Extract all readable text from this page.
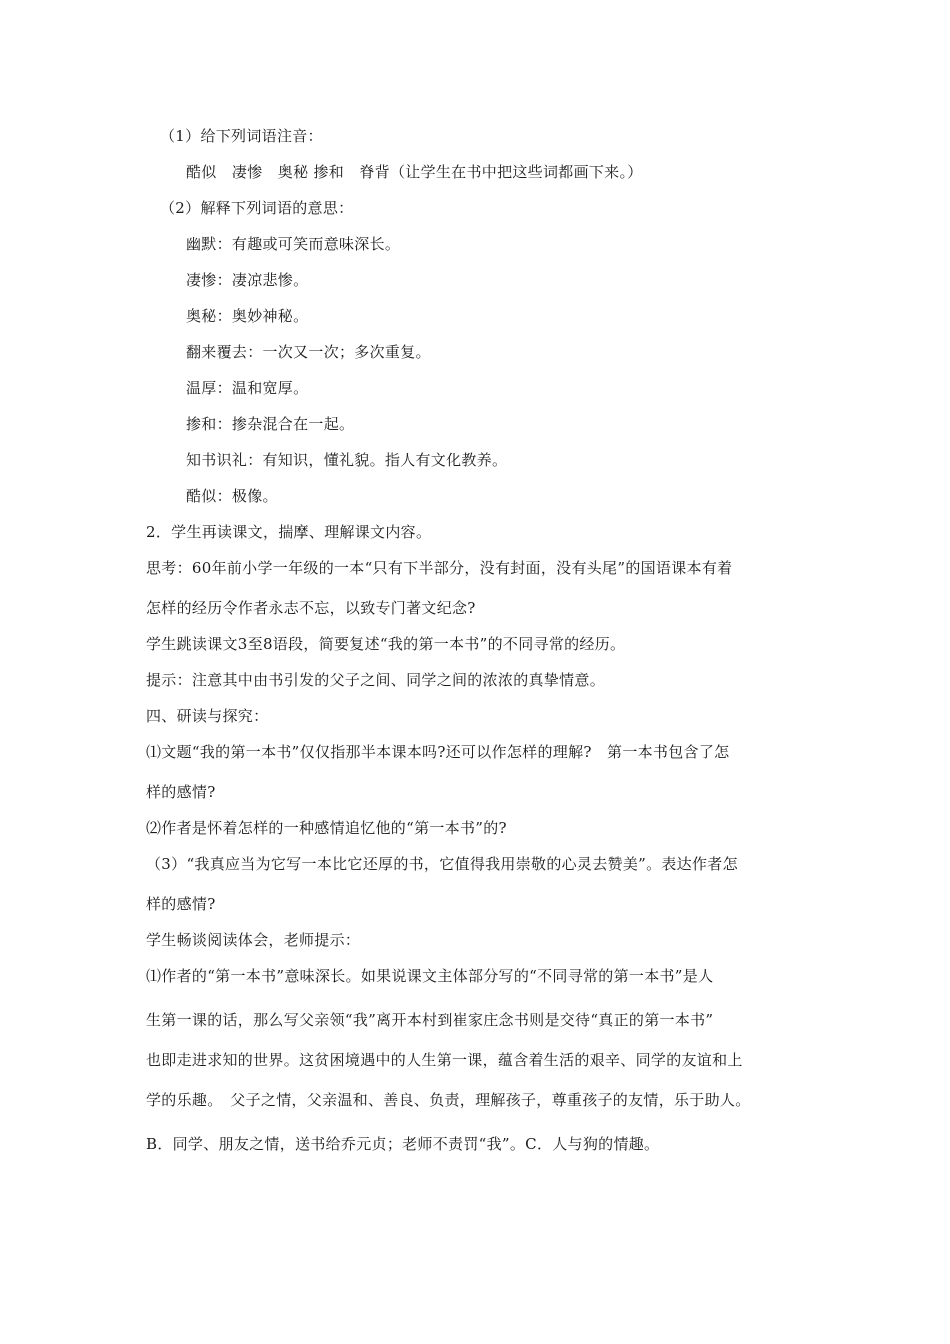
（1）给下列词语注音：
酷似　凄惨　奥秘 掺和　脊背（让学生在书中把这些词都画下来。）
（2）解释下列词语的意思：
幽默：有趣或可笑而意味深长。
凄惨：凄凉悲惨。
奥秘：奥妙神秘。
翻来覆去：一次又一次；多次重复。
温厚：温和宽厚。
掺和：掺杂混合在一起。
知书识礼：有知识，懂礼貌。指人有文化教养。
酷似：极像。
2．学生再读课文，揣摩、理解课文内容。
思考：60年前小学一年级的一本“只有下半部分，没有封面，没有头尾”的国语课本有着
怎样的经历令作者永志不忘，以致专门著文纪念?
学生跳读课文3至8语段，简要复述“我的第一本书”的不同寻常的经历。
提示：注意其中由书引发的父子之间、同学之间的浓浓的真挚情意。
四、研读与探究：
⑴文题“我的第一本书”仅仅指那半本课本吗?还可以作怎样的理解?　第一本书包含了怎
样的感情?
⑵作者是怀着怎样的一种感情追忆他的“第一本书”的?
（3）“我真应当为它写一本比它还厚的书，它值得我用崇敬的心灵去赞美”。表达作者怎
样的感情?
学生畅谈阅读体会，老师提示：
⑴作者的“第一本书”意味深长。如果说课文主体部分写的“不同寻常的第一本书”是人
生第一课的话，那么写父亲领“我”离开本村到崔家庄念书则是交待“真正的第一本书”
也即走进求知的世界。这贫困境遇中的人生第一课，蕴含着生活的艰辛、同学的友谊和上
学的乐趣。　父子之情，父亲温和、善良、负责，理解孩子，尊重孩子的友情，乐于助人。
B．同学、朋友之情，送书给乔元贞；老师不责罚“我”。C．人与狗的情趣。
